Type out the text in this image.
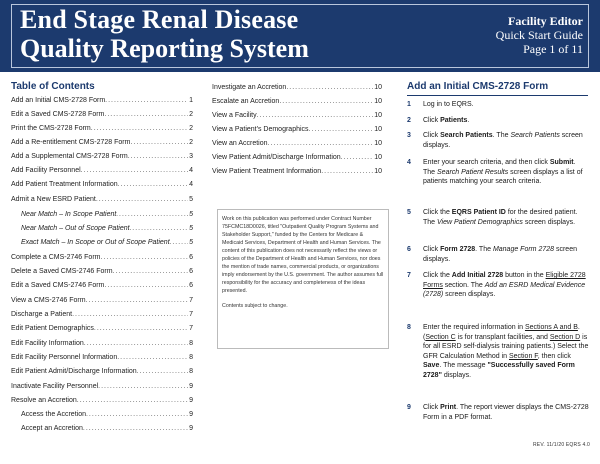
End Stage Renal Disease
Quality Reporting System
Facility Editor
Quick Start Guide
Page 1 of 11
Table of Contents
Add an Initial CMS-2728 Form .....	1
Edit a Saved CMS-2728 Form .....	2
Print the CMS-2728 Form .....	2
Add a Re-entitlement CMS-2728 Form .....	2
Add a Supplemental CMS-2728 Form .....	3
Add Facility Personnel .....	4
Add Patient Treatment Information .....	4
Admit a New ESRD Patient .....	5
Near Match – In Scope Patient .....	5
Near Match – Out of Scope Patient .....	5
Exact Match – In Scope or Out of Scope Patient .....	5
Complete a CMS-2746 Form .....	6
Delete a Saved CMS-2746 Form .....	6
Edit a Saved CMS-2746 Form .....	6
View a CMS-2746 Form .....	7
Discharge a Patient .....	7
Edit Patient Demographics .....	7
Edit Facility Information .....	8
Edit Facility Personnel Information .....	8
Edit Patient Admit/Discharge Information .....	8
Inactivate Facility Personnel .....	9
Resolve an Accretion .....	9
Access the Accretion .....	9
Accept an Accretion .....	9
Investigate an Accretion .....	10
Escalate an Accretion .....	10
View a Facility .....	10
View a Patient's Demographics .....	10
View an Accretion .....	10
View Patient Admit/Discharge Information .....	10
View Patient Treatment Information .....	10

Work on this publication was performed under Contract Number 75FCMC18D0026, titled "Outpatient Quality Program Systems and Stakeholder Support," funded by the Centers for Medicare & Medicaid Services, Department of Health and Human Services. The content of this publication does not necessarily reflect the views or policies of the Department of Health and Human Services, nor does the mention of trade names, commercial products, or organizations imply endorsement by the U.S. government. The author assumes full responsibility for the accuracy and completeness of the ideas presented.

Contents subject to change.

Add an Initial CMS-2728 Form
1 Log in to EQRS.
2 Click Patients.
3 Click Search Patients. The Search Patients screen displays.
4 Enter your search criteria, and then click Submit. The Search Patient Results screen displays a list of patients matching your search criteria.
5 Click the EQRS Patient ID for the desired patient. The View Patient Demographics screen displays.
6 Click Form 2728. The Manage Form 2728 screen displays.
7 Click the Add Initial 2728 button in the Eligible 2728 Forms section. The Add an ESRD Medical Evidence (2728) screen displays.
8 Enter the required information in Sections A and B. (Section C is for transplant facilities, and Section D is for all ESRD self-dialysis training patients.) Select the GFR Calculation Method in Section F, then click Save. The message "Successfully saved Form 2728" displays.
9 Click Print. The report viewer displays the CMS-2728 Form in a PDF format.
REV. 11/1/20 EQRS 4.0
